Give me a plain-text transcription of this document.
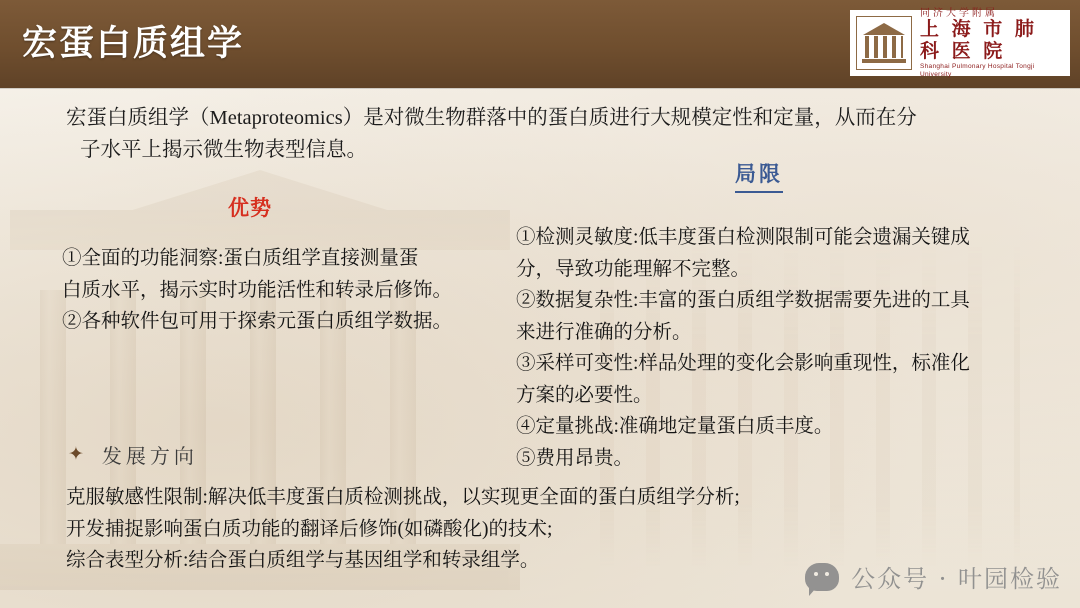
宏蛋白质组学
同济大学附属
上 海 市 肺 科 医 院
Shanghai Pulmonary Hospital Tongji University
宏蛋白质组学（Metaproteomics）是对微生物群落中的蛋白质进行大规模定性和定量，从而在分
子水平上揭示微生物表型信息。
优势
局限

①全面的功能洞察:蛋白质组学直接测量蛋

白质水平，揭示实时功能活性和转录后修饰。

②各种软件包可用于探索元蛋白质组学数据。

①检测灵敏度:低丰度蛋白检测限制可能会遗漏关键成

分，导致功能理解不完整。

②数据复杂性:丰富的蛋白质组学数据需要先进的工具

来进行准确的分析。

③采样可变性:样品处理的变化会影响重现性，标准化

方案的必要性。

④定量挑战:准确地定量蛋白质丰度。

⑤费用昂贵。

✦ 发展方向

克服敏感性限制:解决低丰度蛋白质检测挑战，以实现更全面的蛋白质组学分析;

开发捕捉影响蛋白质功能的翻译后修饰(如磷酸化)的技术;

综合表型分析:结合蛋白质组学与基因组学和转录组学。

公众号 · 叶园检验
